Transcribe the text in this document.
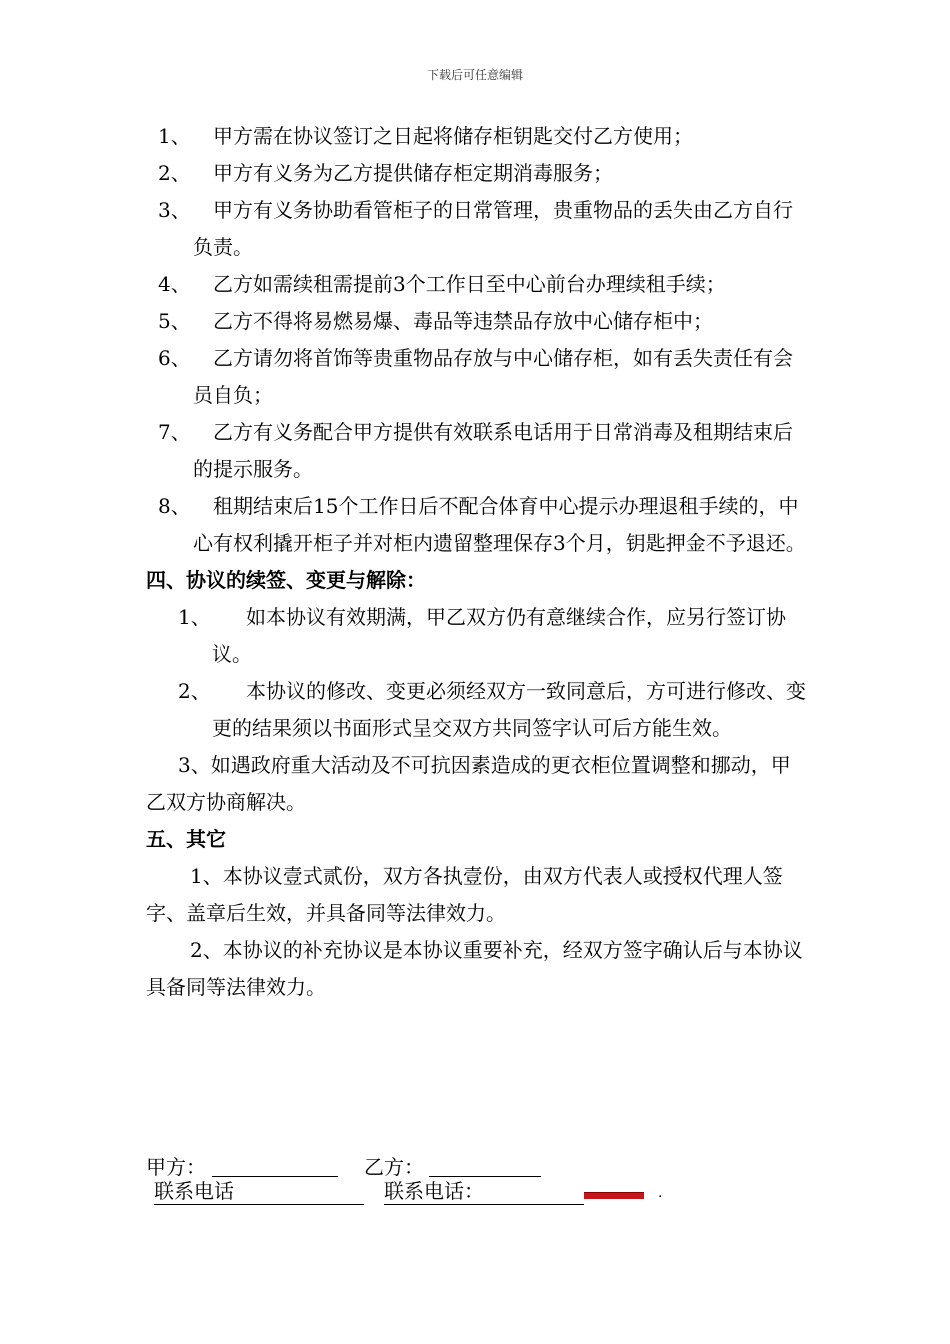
下载后可任意编辑
1、	甲方需在协议签订之日起将储存柜钥匙交付乙方使用；
2、	甲方有义务为乙方提供储存柜定期消毒服务；
3、	甲方有义务协助看管柜子的日常管理，贵重物品的丢失由乙方自行负责。
4、	乙方如需续租需提前3个工作日至中心前台办理续租手续；
5、	乙方不得将易燃易爆、毒品等违禁品存放中心储存柜中；
6、	乙方请勿将首饰等贵重物品存放与中心储存柜，如有丢失责任有会员自负；
7、	乙方有义务配合甲方提供有效联系电话用于日常消毒及租期结束后的提示服务。
8、	租期结束后15个工作日后不配合体育中心提示办理退租手续的，中心有权利撬开柜子并对柜内遗留整理保存3个月，钥匙押金不予退还。
四、协议的续签、变更与解除：
1、	如本协议有效期满，甲乙双方仍有意继续合作，应另行签订协议。
2、	本协议的修改、变更必须经双方一致同意后，方可进行修改、变更的结果须以书面形式呈交双方共同签字认可后方能生效。
3、如遇政府重大活动及不可抗因素造成的更衣柜位置调整和挪动，甲乙双方协商解决。
五、其它
1、本协议壹式贰份，双方各执壹份，由双方代表人或授权代理人签字、盖章后生效，并具备同等法律效力。
2、本协议的补充协议是本协议重要补充，经双方签字确认后与本协议具备同等法律效力。
甲方：	乙方：
联系电话	联系电话：	.
